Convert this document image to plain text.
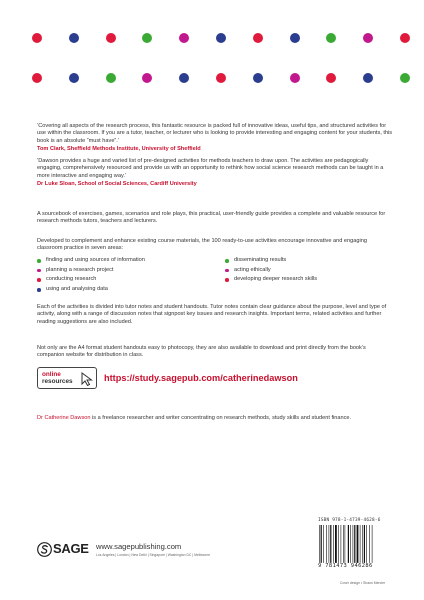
‘Covering all aspects of the research process, this fantastic resource is packed full of innovative ideas, useful tips, and structured activities for use within the classroom. If you are a tutor, teacher, or lecturer who is looking to provide interesting and engaging content for your students, this book is an absolute “must have”.’

Tom Clark, Sheffield Methods Institute, University of Sheffield

‘Dawson provides a huge and varied list of pre-designed activities for methods teachers to draw upon. The activities are pedagogically engaging, comprehensively resourced and provide us with an opportunity to rethink how social science research methods can be taught in a more interactive and engaging way.’

Dr Luke Sloan, School of Social Sciences, Cardiff University

A sourcebook of exercises, games, scenarios and role plays, this practical, user-friendly guide provides a complete and valuable resource for research methods tutors, teachers and lecturers.

Developed to complement and enhance existing course materials, the 100 ready-to-use activities encourage innovative and engaging classroom practice in seven areas:

finding and using sources of information
planning a research project
conducting research
using and analysing data
disseminating results
acting ethically
developing deeper research skills

Each of the activities is divided into tutor notes and student handouts. Tutor notes contain clear guidance about the purpose, level and type of activity, along with a range of discussion notes that signpost key issues and research insights. Important terms, related activities and further reading suggestions are also included.

Not only are the A4 format student handouts easy to photocopy, they are also available to download and print directly from the book’s companion website for distribution in class.

online
resources	https://study.sagepub.com/catherinedawson

Dr Catherine Dawson is a freelance researcher and writer concentrating on research methods, study skills and student finance.

ISBN 978-1-4739-4628-6
9 781473 946286
Cover design • Shaun Mercier
SAGE www.sagepublishing.com
Los Angeles | London | New Delhi | Singapore | Washington DC | Melbourne
